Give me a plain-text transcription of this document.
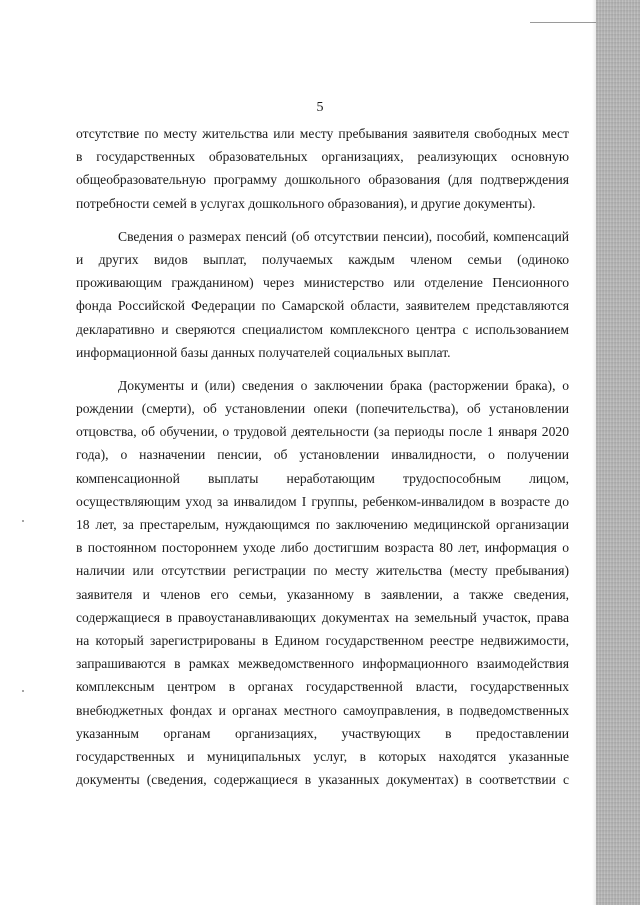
5
отсутствие по месту жительства или месту пребывания заявителя свободных мест
в государственных образовательных организациях, реализующих основную
общеобразовательную программу дошкольного образования (для подтверждения
потребности семей в услугах дошкольного образования), и другие документы).
Сведения о размерах пенсий (об отсутствии пенсии), пособий, компенсаций
и других видов выплат, получаемых каждым членом семьи (одиноко
проживающим гражданином) через министерство или отделение Пенсионного
фонда Российской Федерации по Самарской области, заявителем представляются
декларативно и сверяются специалистом комплексного центра с использованием
информационной базы данных получателей социальных выплат.
Документы и (или) сведения о заключении брака (расторжении брака), о
рождении (смерти), об установлении опеки (попечительства), об установлении
отцовства, об обучении, о трудовой деятельности (за периоды после 1 января 2020
года), о назначении пенсии, об установлении инвалидности, о получении
компенсационной выплаты неработающим трудоспособным лицом,
осуществляющим уход за инвалидом I группы, ребенком-инвалидом в возрасте до
18 лет, за престарелым, нуждающимся по заключению медицинской организации
в постоянном постороннем уходе либо достигшим возраста 80 лет, информация о
наличии или отсутствии регистрации по месту жительства (месту пребывания)
заявителя и членов его семьи, указанному в заявлении, а также сведения,
содержащиеся в правоустанавливающих документах на земельный участок, права
на который зарегистрированы в Едином государственном реестре недвижимости,
запрашиваются в рамках межведомственного информационного взаимодействия
комплексным центром в органах государственной власти, государственных
внебюджетных фондах и органах местного самоуправления, в подведомственных
указанным органам организациях, участвующих в предоставлении
государственных и муниципальных услуг, в которых находятся указанные
документы (сведения, содержащиеся в указанных документах) в соответствии с
